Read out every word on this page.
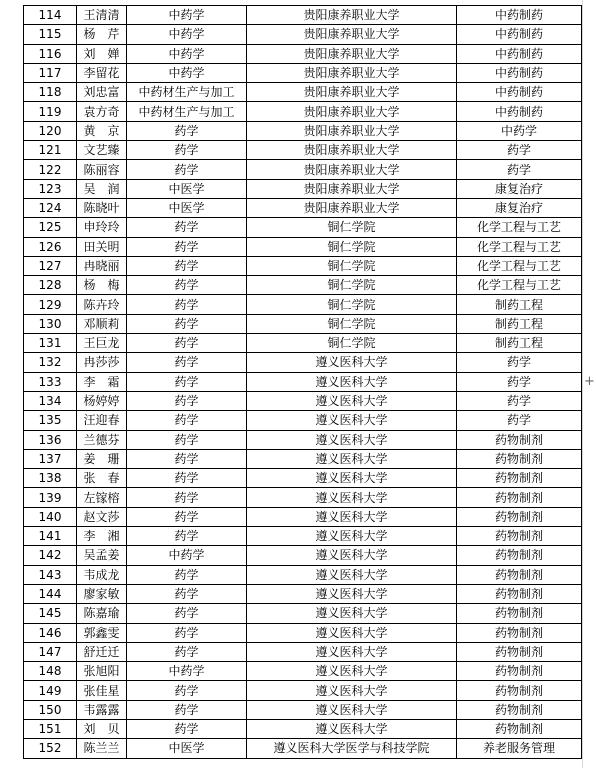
114	王清清	中药学	贵阳康养职业大学	中药制药
115	杨　芹	中药学	贵阳康养职业大学	中药制药
116	刘　婵	中药学	贵阳康养职业大学	中药制药
117	李留花	中药学	贵阳康养职业大学	中药制药
118	刘忠富	中药材生产与加工	贵阳康养职业大学	中药制药
119	袁方奇	中药材生产与加工	贵阳康养职业大学	中药制药
120	黄　京	药学	贵阳康养职业大学	中药学
121	文艺臻	药学	贵阳康养职业大学	药学
122	陈丽容	药学	贵阳康养职业大学	药学
123	吴　润	中医学	贵阳康养职业大学	康复治疗
124	陈晓叶	中医学	贵阳康养职业大学	康复治疗
125	申玲玲	药学	铜仁学院	化学工程与工艺
126	田关明	药学	铜仁学院	化学工程与工艺
127	冉晓丽	药学	铜仁学院	化学工程与工艺
128	杨　梅	药学	铜仁学院	化学工程与工艺
129	陈卉玲	药学	铜仁学院	制药工程
130	邓顺莉	药学	铜仁学院	制药工程
131	王巨龙	药学	铜仁学院	制药工程
132	冉莎莎	药学	遵义医科大学	药学
133	李　霜	药学	遵义医科大学	药学
134	杨婷婷	药学	遵义医科大学	药学
135	汪迎春	药学	遵义医科大学	药学
136	兰德芬	药学	遵义医科大学	药物制剂
137	姜　珊	药学	遵义医科大学	药物制剂
138	张　春	药学	遵义医科大学	药物制剂
139	左镓榕	药学	遵义医科大学	药物制剂
140	赵文莎	药学	遵义医科大学	药物制剂
141	李　湘	药学	遵义医科大学	药物制剂
142	吴孟姜	中药学	遵义医科大学	药物制剂
143	韦成龙	药学	遵义医科大学	药物制剂
144	廖家敏	药学	遵义医科大学	药物制剂
145	陈嘉瑜	药学	遵义医科大学	药物制剂
146	郭鑫雯	药学	遵义医科大学	药物制剂
147	舒迁迁	药学	遵义医科大学	药物制剂
148	张旭阳	中药学	遵义医科大学	药物制剂
149	张佳星	药学	遵义医科大学	药物制剂
150	韦露露	药学	遵义医科大学	药物制剂
151	刘　贝	药学	遵义医科大学	药物制剂
152	陈兰兰	中医学	遵义医科大学医学与科技学院	养老服务管理
+
